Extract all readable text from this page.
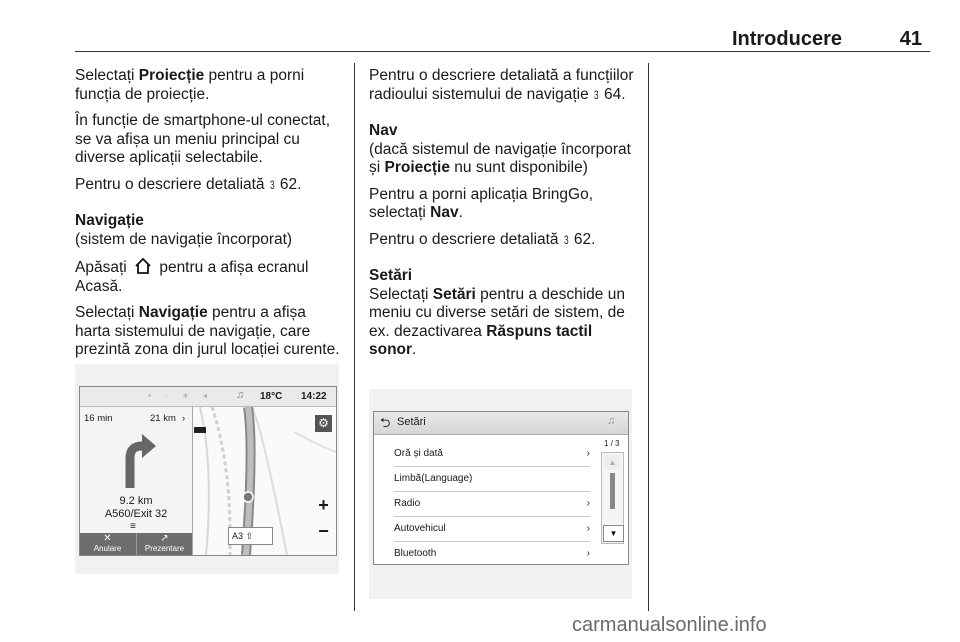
Introducere	41

Selectați Proiecție pentru a porni funcția de proiecție.

În funcție de smartphone-ul conectat, se va afișa un meniu principal cu diverse aplicații selectabile.

Pentru o descriere detaliată 3 62.

Navigație

(sistem de navigație încorporat)

Apăsați  pentru a afișa ecranul Acasă.

Selectați Navigație pentru a afișa harta sistemului de navigație, care prezintă zona din jurul locației curente.

Pentru o descriere detaliată a funcțiilor radioului sistemului de navigație 3 64.

Nav

(dacă sistemul de navigație încorporat și Proiecție nu sunt disponibile)

Pentru a porni aplicația BringGo, selectați Nav.

Pentru o descriere detaliată 3 62.

Setări

Selectați Setări pentru a deschide un meniu cu diverse setări de sistem, de ex. dezactivarea Răspuns tactil sonor.

▪ ◦ ∗ ◂ ♫ 18°C 14:22
16 min	21 km ›
9.2 km
A560/Exit 32
≡
✕
Anulare
↗
Prezentare
⚙
+
−
A3 ⇧
⮌ Setări	♫
1 / 3
Oră și dată	›
Limbă(Language)
Radio	›
Autovehicul	›
Bluetooth	›
▲
▼
carmanualsonline.info
